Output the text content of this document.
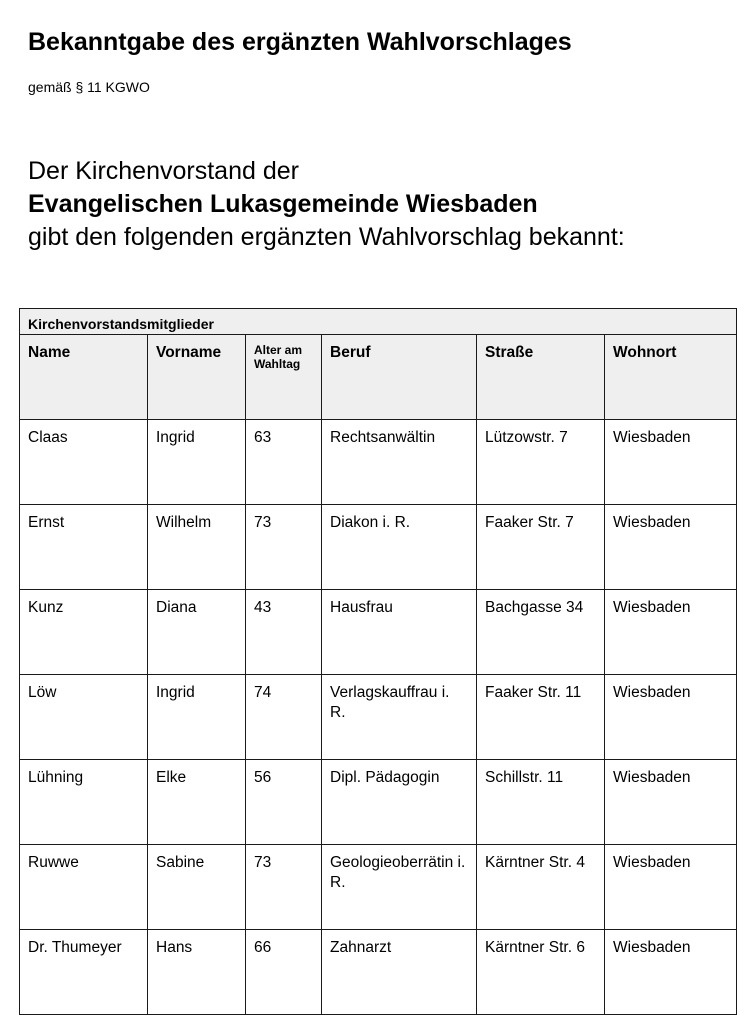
Bekanntgabe des ergänzten Wahlvorschlages
gemäß § 11 KGWO
Der Kirchenvorstand der
Evangelischen Lukasgemeinde Wiesbaden
gibt den folgenden ergänzten Wahlvorschlag bekannt:
Kirchenvorstandsmitglieder					
Name	Vorname	Alter am Wahltag	Beruf	Straße	Wohnort
Claas	Ingrid	63	Rechtsanwältin	Lützowstr. 7	Wiesbaden
Ernst	Wilhelm	73	Diakon i. R.	Faaker Str. 7	Wiesbaden
Kunz	Diana	43	Hausfrau	Bachgasse 34	Wiesbaden
Löw	Ingrid	74	Verlagskauffrau i. R.	Faaker Str. 11	Wiesbaden
Lühning	Elke	56	Dipl. Pädagogin	Schillstr. 11	Wiesbaden
Ruwwe	Sabine	73	Geologieoberrätin i. R.	Kärntner Str. 4	Wiesbaden
Dr. Thumeyer	Hans	66	Zahnarzt	Kärntner Str. 6	Wiesbaden
